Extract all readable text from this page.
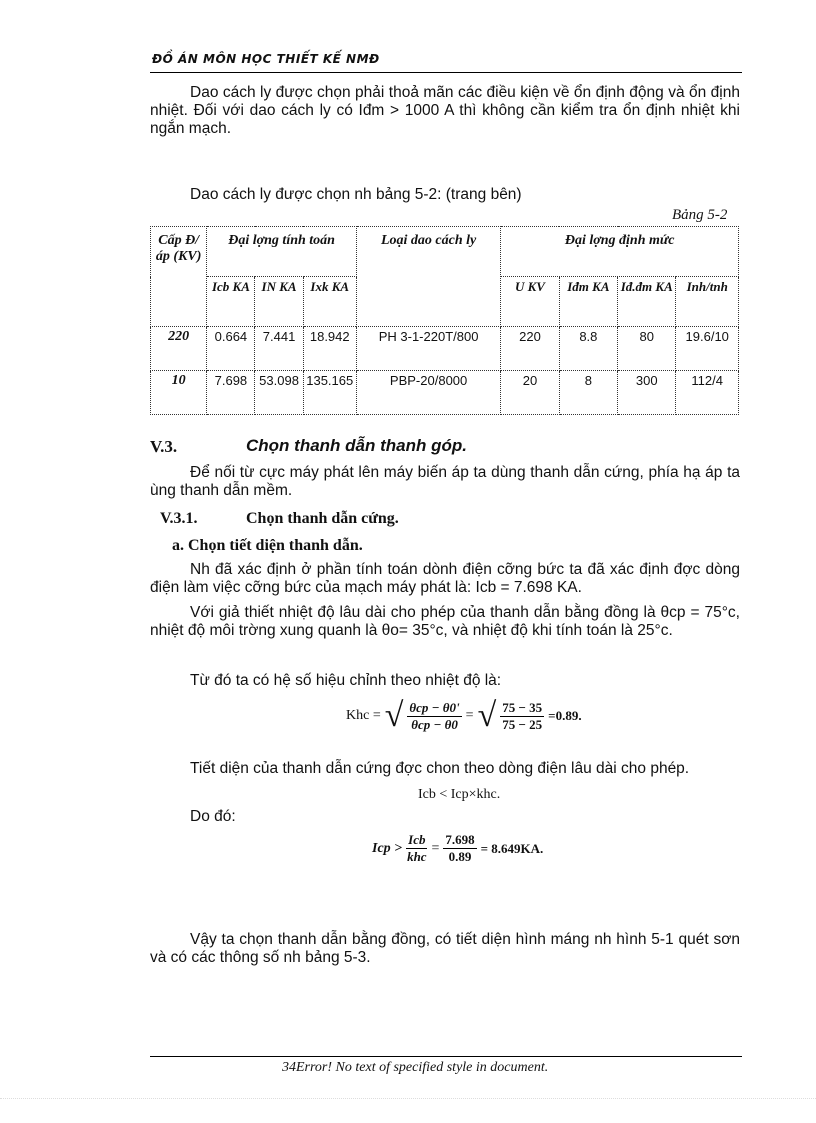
ĐỒ ÁN MÔN HỌC THIẾT KẾ NMĐ
Dao cách ly được chọn phải thoả mãn các điều kiện về ổn định động và ổn định nhiệt. Đối với dao cách ly có Iđm > 1000 A thì không cần kiểm tra ổn định nhiệt khi ngắn mạch.
Dao cách ly được chọn nh bảng 5-2: (trang bên)
Bảng 5-2
Cấp Đ/áp (KV)	Đại lợng tính toán			Loại dao cách ly	Đại lợng định mức			
	Icb KA	IN KA	Ixk KA		U KV	Iđm KA	Iđ.đm KA	Inh/tnh
220	0.664	7.441	18.942	PH 3-1-220T/800	220	8.8	80	19.6/10
10	7.698	53.098	135.165	PBP-20/8000	20	8	300	112/4
V.3.	Chọn thanh dẫn thanh góp.
Để nối từ cực máy phát lên máy biến áp ta dùng thanh dẫn cứng, phía hạ áp ta ùng thanh dẫn mềm.
V.3.1.	Chọn thanh dẫn cứng.
a. Chọn tiết diện thanh dẫn.
Nh đã xác định ở phần tính toán dònh điện cỡng bức ta đã xác định đợc dòng điện làm việc cỡng bức của mạch máy phát là: Icb = 7.698 KA.
Với giả thiết nhiệt độ lâu dài cho phép của thanh dẫn bằng đồng là θcp = 75°c, nhiệt độ môi trờng xung quanh là θo= 35°c, và nhiệt độ khi tính toán là 25°c.
Từ đó ta có hệ số hiệu chỉnh theo nhiệt độ là:
Khc = √ $\frac{\text{θcp − θ0'}}{\text{θcp − θ0}}$ = √ $\frac{75 - 35}{75 - 25} =0.89$.
Tiết diện của thanh dẫn cứng đợc chon theo dòng điện lâu dài cho phép.
Icb < Icp×khc.
Do đó:
Icp > $\frac{\text{Icb}}{\text{khc}} = \frac{7.698}{0.89} = 8.649KA$.
Vậy ta chọn thanh dẫn bằng đồng, có tiết diện hình máng nh hình 5-1 quét sơn và có các thông số nh bảng 5-3.
34Error! No text of specified style in document.
